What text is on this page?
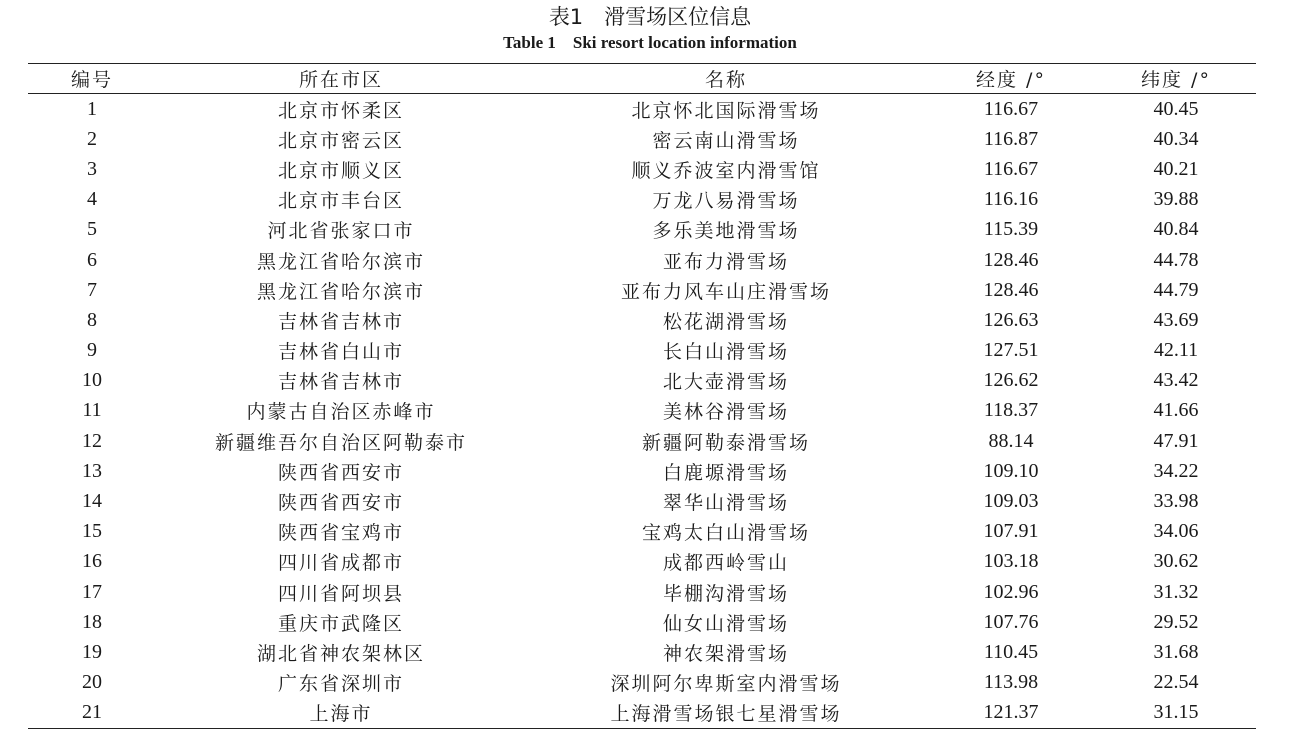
表1　滑雪场区位信息
Table 1    Ski resort location information
编号	所在市区	名称	经度 /°	纬度 /°
1	北京市怀柔区	北京怀北国际滑雪场	116.67	40.45
2	北京市密云区	密云南山滑雪场	116.87	40.34
3	北京市顺义区	顺义乔波室内滑雪馆	116.67	40.21
4	北京市丰台区	万龙八易滑雪场	116.16	39.88
5	河北省张家口市	多乐美地滑雪场	115.39	40.84
6	黑龙江省哈尔滨市	亚布力滑雪场	128.46	44.78
7	黑龙江省哈尔滨市	亚布力风车山庄滑雪场	128.46	44.79
8	吉林省吉林市	松花湖滑雪场	126.63	43.69
9	吉林省白山市	长白山滑雪场	127.51	42.11
10	吉林省吉林市	北大壶滑雪场	126.62	43.42
11	内蒙古自治区赤峰市	美林谷滑雪场	118.37	41.66
12	新疆维吾尔自治区阿勒泰市	新疆阿勒泰滑雪场	88.14	47.91
13	陕西省西安市	白鹿塬滑雪场	109.10	34.22
14	陕西省西安市	翠华山滑雪场	109.03	33.98
15	陕西省宝鸡市	宝鸡太白山滑雪场	107.91	34.06
16	四川省成都市	成都西岭雪山	103.18	30.62
17	四川省阿坝县	毕棚沟滑雪场	102.96	31.32
18	重庆市武隆区	仙女山滑雪场	107.76	29.52
19	湖北省神农架林区	神农架滑雪场	110.45	31.68
20	广东省深圳市	深圳阿尔卑斯室内滑雪场	113.98	22.54
21	上海市	上海滑雪场银七星滑雪场	121.37	31.15
